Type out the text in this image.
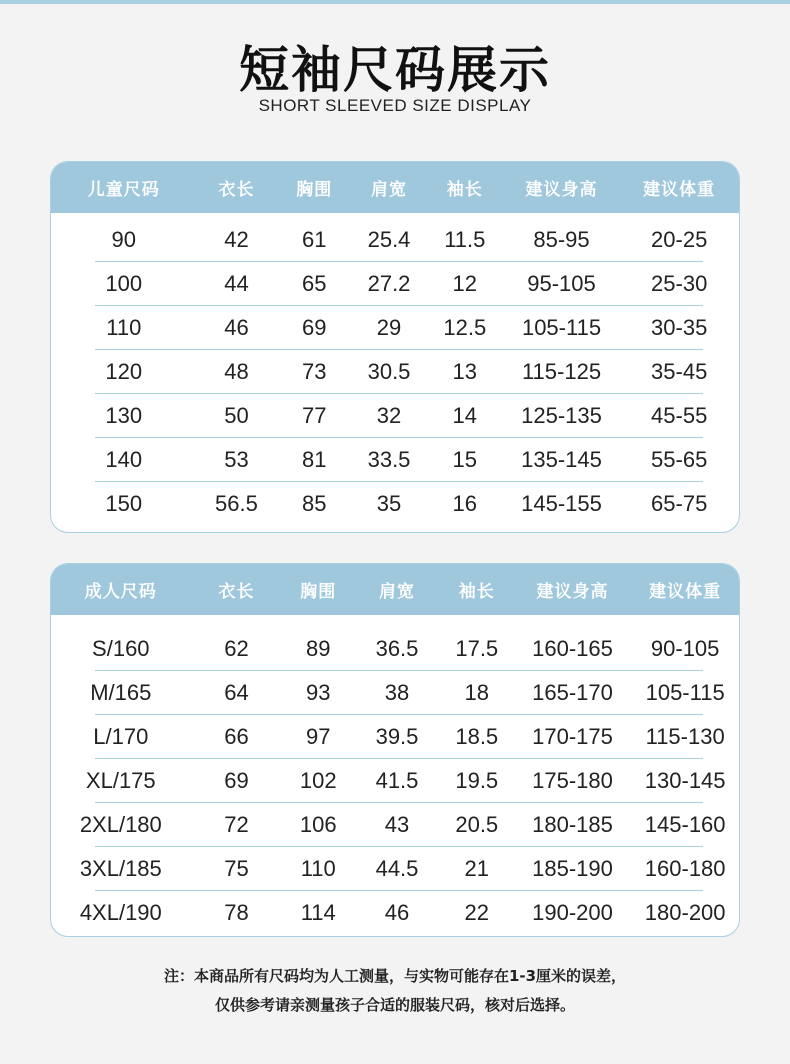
短袖尺码展示
SHORT SLEEVED SIZE DISPLAY
儿童尺码	衣长	胸围	肩宽	袖长	建议身高	建议体重
90	42	61	25.4	11.5	85-95	20-25
100	44	65	27.2	12	95-105	25-30
110	46	69	29	12.5	105-115	30-35
120	48	73	30.5	13	115-125	35-45
130	50	77	32	14	125-135	45-55
140	53	81	33.5	15	135-145	55-65
150	56.5	85	35	16	145-155	65-75
成人尺码	衣长	胸围	肩宽	袖长	建议身高	建议体重
S/160	62	89	36.5	17.5	160-165	90-105
M/165	64	93	38	18	165-170	105-115
L/170	66	97	39.5	18.5	170-175	115-130
XL/175	69	102	41.5	19.5	175-180	130-145
2XL/180	72	106	43	20.5	180-185	145-160
3XL/185	75	110	44.5	21	185-190	160-180
4XL/190	78	114	46	22	190-200	180-200
注：本商品所有尺码均为人工测量，与实物可能存在1-3厘米的误差，
仅供参考请亲测量孩子合适的服装尺码，核对后选择。
